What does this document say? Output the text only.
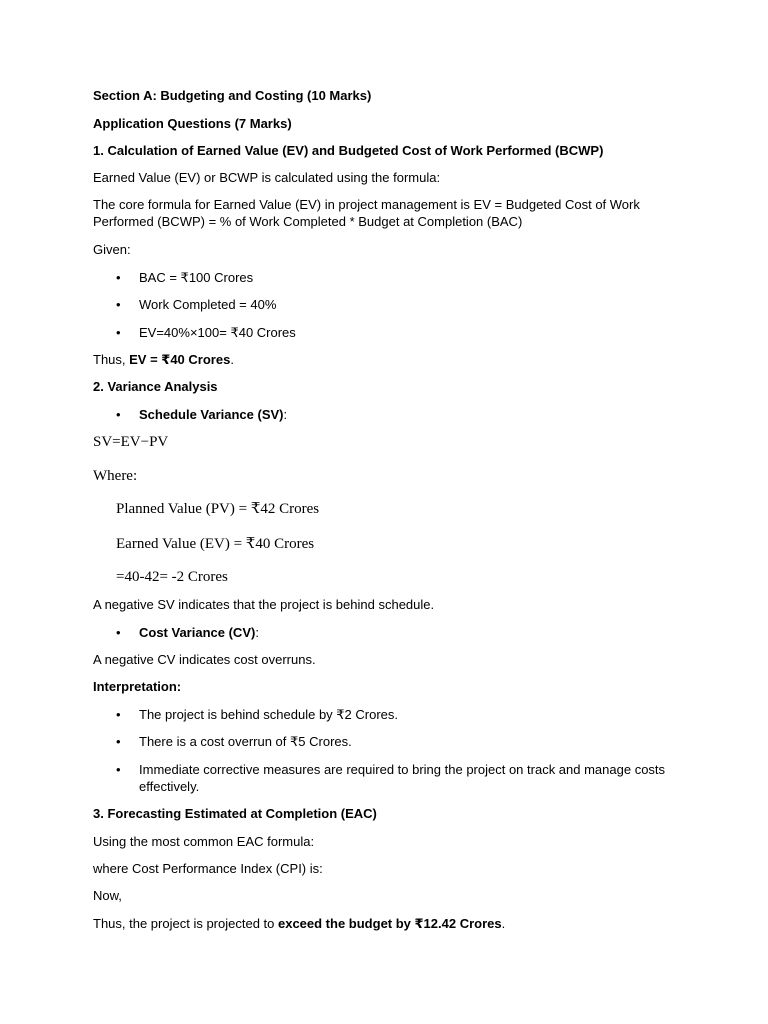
Section A: Budgeting and Costing (10 Marks)
Application Questions (7 Marks)
1. Calculation of Earned Value (EV) and Budgeted Cost of Work Performed (BCWP)
Earned Value (EV) or BCWP is calculated using the formula:
The core formula for Earned Value (EV) in project management is EV = Budgeted Cost of Work Performed (BCWP) = % of Work Completed * Budget at Completion (BAC)
Given:
• BAC = ₹100 Crores
• Work Completed = 40%
• EV=40%×100= ₹40 Crores
Thus, EV = ₹40 Crores.
2. Variance Analysis
• Schedule Variance (SV):
SV=EV−PV
Where:
Planned Value (PV) = ₹42 Crores
Earned Value (EV) = ₹40 Crores
=40-42= -2 Crores
A negative SV indicates that the project is behind schedule.
• Cost Variance (CV):
A negative CV indicates cost overruns.
Interpretation:
• The project is behind schedule by ₹2 Crores.
• There is a cost overrun of ₹5 Crores.
• Immediate corrective measures are required to bring the project on track and manage costs effectively.
3. Forecasting Estimated at Completion (EAC)
Using the most common EAC formula:
where Cost Performance Index (CPI) is:
Now,
Thus, the project is projected to exceed the budget by ₹12.42 Crores.
